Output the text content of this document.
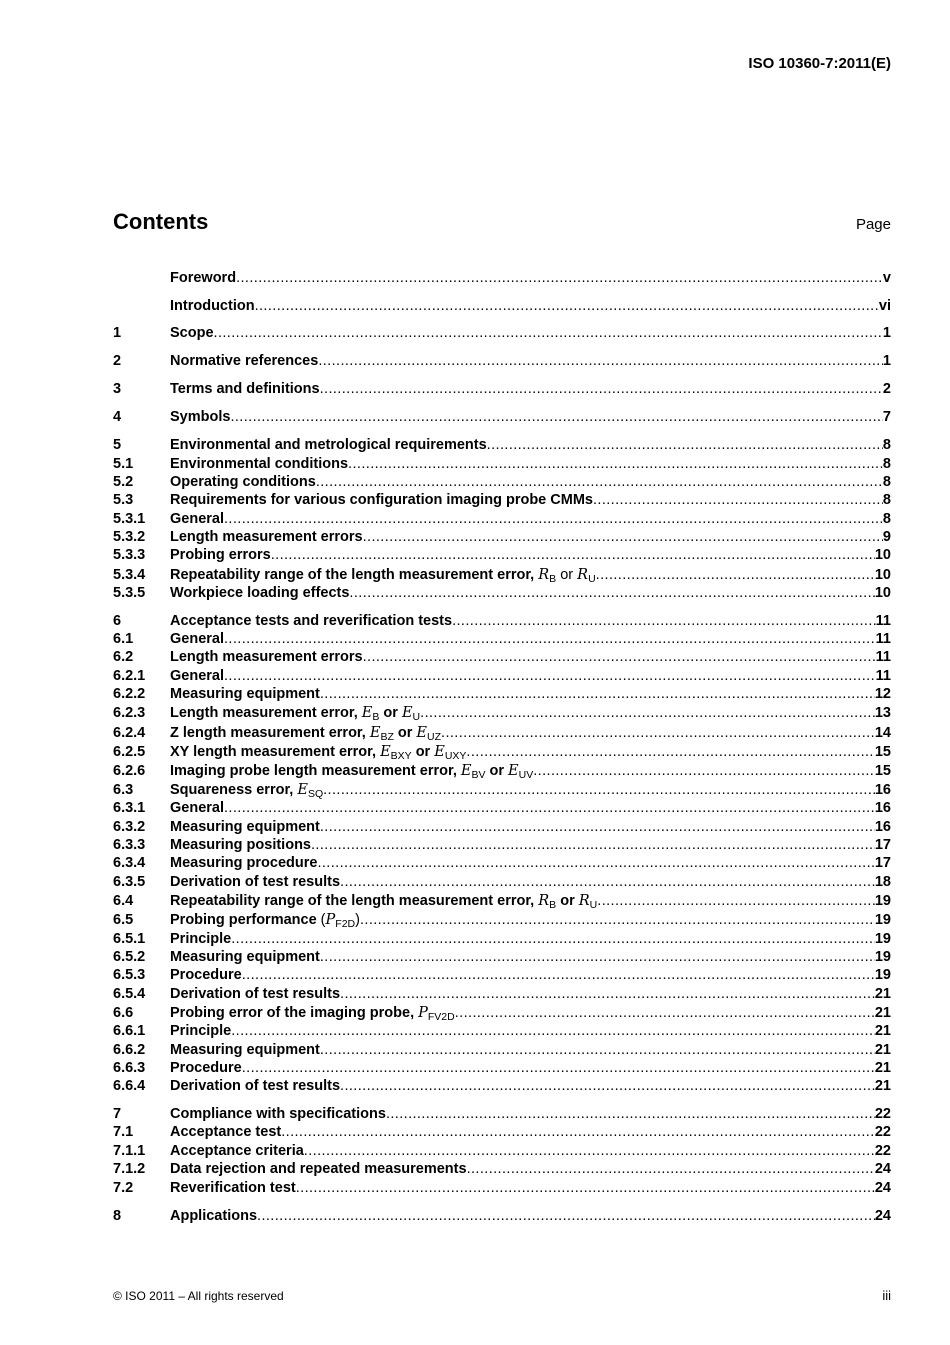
ISO 10360-7:2011(E)
Contents	Page
Foreword .....	v
Introduction .....	vi
1	Scope .....	1
2	Normative references .....	1
3	Terms and definitions .....	2
4	Symbols .....	7
5	Environmental and metrological requirements .....	8
5.1	Environmental conditions .....	8
5.2	Operating conditions .....	8
5.3	Requirements for various configuration imaging probe CMMs .....	8
5.3.1	General .....	8
5.3.2	Length measurement errors .....	9
5.3.3	Probing errors .....	10
5.3.4	Repeatability range of the length measurement error, $R_B$ or $R_U$ .....	10
5.3.5	Workpiece loading effects .....	10
6	Acceptance tests and reverification tests .....	11
6.1	General .....	11
6.2	Length measurement errors .....	11
6.2.1	General .....	11
6.2.2	Measuring equipment .....	12
6.2.3	Length measurement error, $E_B$ or $E_U$ .....	13
6.2.4	Z length measurement error, $E_{BZ}$ or $E_{UZ}$ .....	14
6.2.5	XY length measurement error, $E_{BXY}$ or $E_{UXY}$ .....	15
6.2.6	Imaging probe length measurement error, $E_{BV}$ or $E_{UV}$ .....	15
6.3	Squareness error, $E_{SQ}$ .....	16
6.3.1	General .....	16
6.3.2	Measuring equipment .....	16
6.3.3	Measuring positions .....	17
6.3.4	Measuring procedure .....	17
6.3.5	Derivation of test results .....	18
6.4	Repeatability range of the length measurement error, $R_B$ or $R_U$ .....	19
6.5	Probing performance $(P_{F2D})$ .....	19
6.5.1	Principle .....	19
6.5.2	Measuring equipment .....	19
6.5.3	Procedure .....	19
6.5.4	Derivation of test results .....	21
6.6	Probing error of the imaging probe, $P_{FV2D}$ .....	21
6.6.1	Principle .....	21
6.6.2	Measuring equipment .....	21
6.6.3	Procedure .....	21
6.6.4	Derivation of test results .....	21
7	Compliance with specifications .....	22
7.1	Acceptance test .....	22
7.1.1	Acceptance criteria .....	22
7.1.2	Data rejection and repeated measurements .....	24
7.2	Reverification test .....	24
8	Applications .....	24
© ISO 2011 – All rights reserved	iii
